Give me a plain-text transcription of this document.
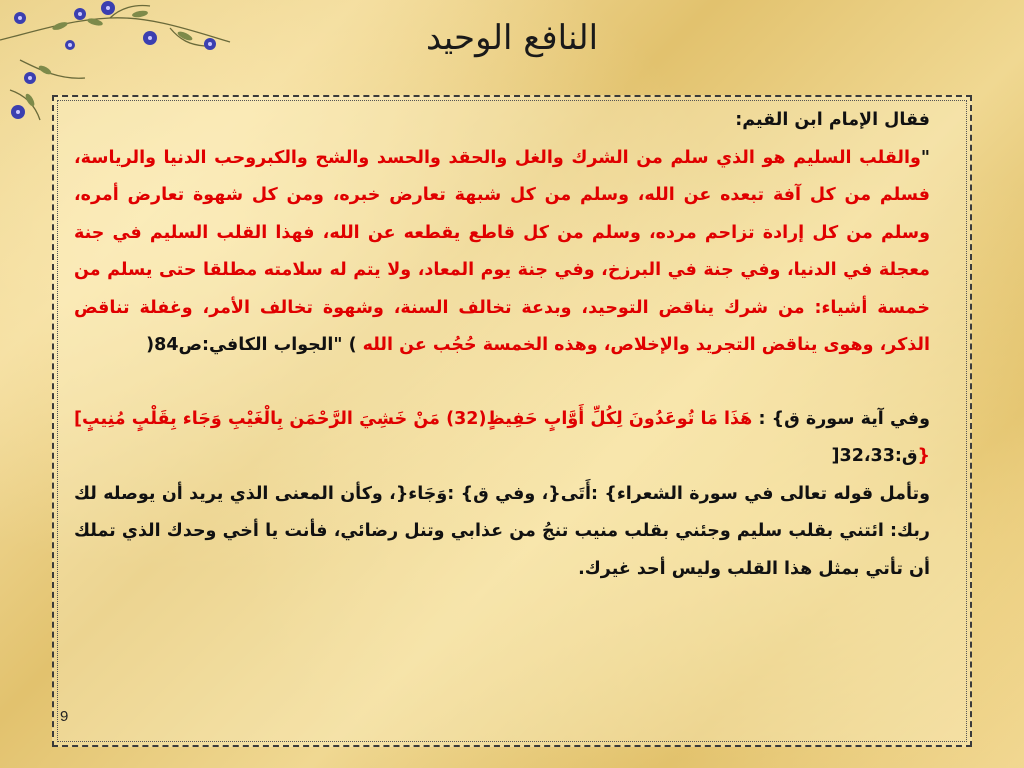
النافع الوحيد

فقال الإمام ابن القيم:
"والقلب السليم هو الذي سلم من الشرك والغل والحقد والحسد والشح والكبروحب الدنيا والرياسة، فسلم من كل آفة تبعده عن الله، وسلم من كل شبهة تعارض خبره، ومن كل شهوة تعارض أمره، وسلم من كل إرادة تزاحم مرده، وسلم من كل قاطع يقطعه عن الله، فهذا القلب السليم في جنة معجلة في الدنيا، وفي جنة في البرزخ، وفي جنة يوم المعاد، ولا يتم له سلامته مطلقا حتى يسلم من خمسة أشياء: من شرك يناقض التوحيد، وبدعة تخالف السنة، وشهوة تخالف الأمر، وغفلة تناقض الذكر، وهوى يناقض التجريد والإخلاص، وهذه الخمسة حُجُب عن الله ) "الجواب الكافي:ص84(

وفي آية سورة ق} : هَذَا مَا تُوعَدُونَ لِكُلِّ أَوَّابٍ حَفِيظٍ(32) مَنْ خَشِيَ الرَّحْمَن بِالْغَيْبِ وَجَاء بِقَلْبٍ مُنِيبٍ] {ق:32،33[

وتأمل قوله تعالى في سورة الشعراء} :أَتَى{، وفي ق} :وَجَاء{، وكأن المعنى الذي يريد أن يوصله لك ربك: ائتني بقلب سليم وجئني بقلب منيب تنجُ من عذابي وتنل رضائي، فأنت يا أخي وحدك الذي تملك أن تأتي بمثل هذا القلب وليس أحد غيرك.

9
